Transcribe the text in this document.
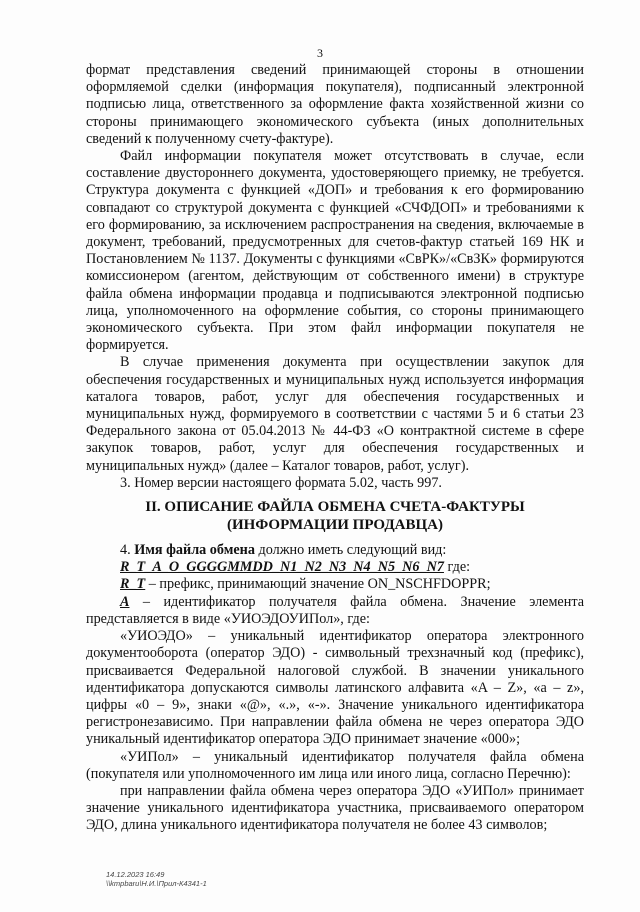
3

формат представления сведений принимающей стороны в отношении оформляемой сделки (информация покупателя), подписанный электронной подписью лица, ответственного за оформление факта хозяйственной жизни со стороны принимающего экономического субъекта (иных дополнительных сведений к полученному счету-фактуре).

Файл информации покупателя может отсутствовать в случае, если составление двустороннего документа, удостоверяющего приемку, не требуется. Структура документа с функцией «ДОП» и требования к его формированию совпадают со структурой документа с функцией «СЧФДОП» и требованиями к его формированию, за исключением распространения на сведения, включаемые в документ, требований, предусмотренных для счетов-фактур статьей 169 НК и Постановлением № 1137. Документы с функциями «СвРК»/«СвЗК» формируются комиссионером (агентом, действующим от собственного имени) в структуре файла обмена информации продавца и подписываются электронной подписью лица, уполномоченного на оформление события, со стороны принимающего экономического субъекта. При этом файл информации покупателя не формируется.

В случае применения документа при осуществлении закупок для обеспечения государственных и муниципальных нужд используется информация каталога товаров, работ, услуг для обеспечения государственных и муниципальных нужд, формируемого в соответствии с частями 5 и 6 статьи 23 Федерального закона от 05.04.2013 № 44-ФЗ «О контрактной системе в сфере закупок товаров, работ, услуг для обеспечения государственных и муниципальных нужд» (далее – Каталог товаров, работ, услуг).

3. Номер версии настоящего формата 5.02, часть 997.

II. ОПИСАНИЕ ФАЙЛА ОБМЕНА СЧЕТА-ФАКТУРЫ
(ИНФОРМАЦИИ ПРОДАВЦА)

4. Имя файла обмена должно иметь следующий вид:

R_T_A_O_GGGGMMDD_N1_N2_N3_N4_N5_N6_N7 где:

R_T – префикс, принимающий значение ON_NSCHFDOPPR;

A – идентификатор получателя файла обмена. Значение элемента представляется в виде «УИОЭДОУИПол», где:

«УИОЭДО» – уникальный идентификатор оператора электронного документооборота (оператор ЭДО) - символьный трехзначный код (префикс), присваивается Федеральной налоговой службой. В значении уникального идентификатора допускаются символы латинского алфавита «A – Z», «a – z», цифры «0 – 9», знаки «@», «.», «-». Значение уникального идентификатора регистронезависимо. При направлении файла обмена не через оператора ЭДО уникальный идентификатор оператора ЭДО принимает значение «000»;

«УИПол» – уникальный идентификатор получателя файла обмена (покупателя или уполномоченного им лица или иного лица, согласно Перечню):

при направлении файла обмена через оператора ЭДО «УИПол» принимает значение уникального идентификатора участника, присваиваемого оператором ЭДО, длина уникального идентификатора получателя не более 43 символов;

14.12.2023 16:49
\\kmpbaru\Н.И.\Прил-К4341-1
